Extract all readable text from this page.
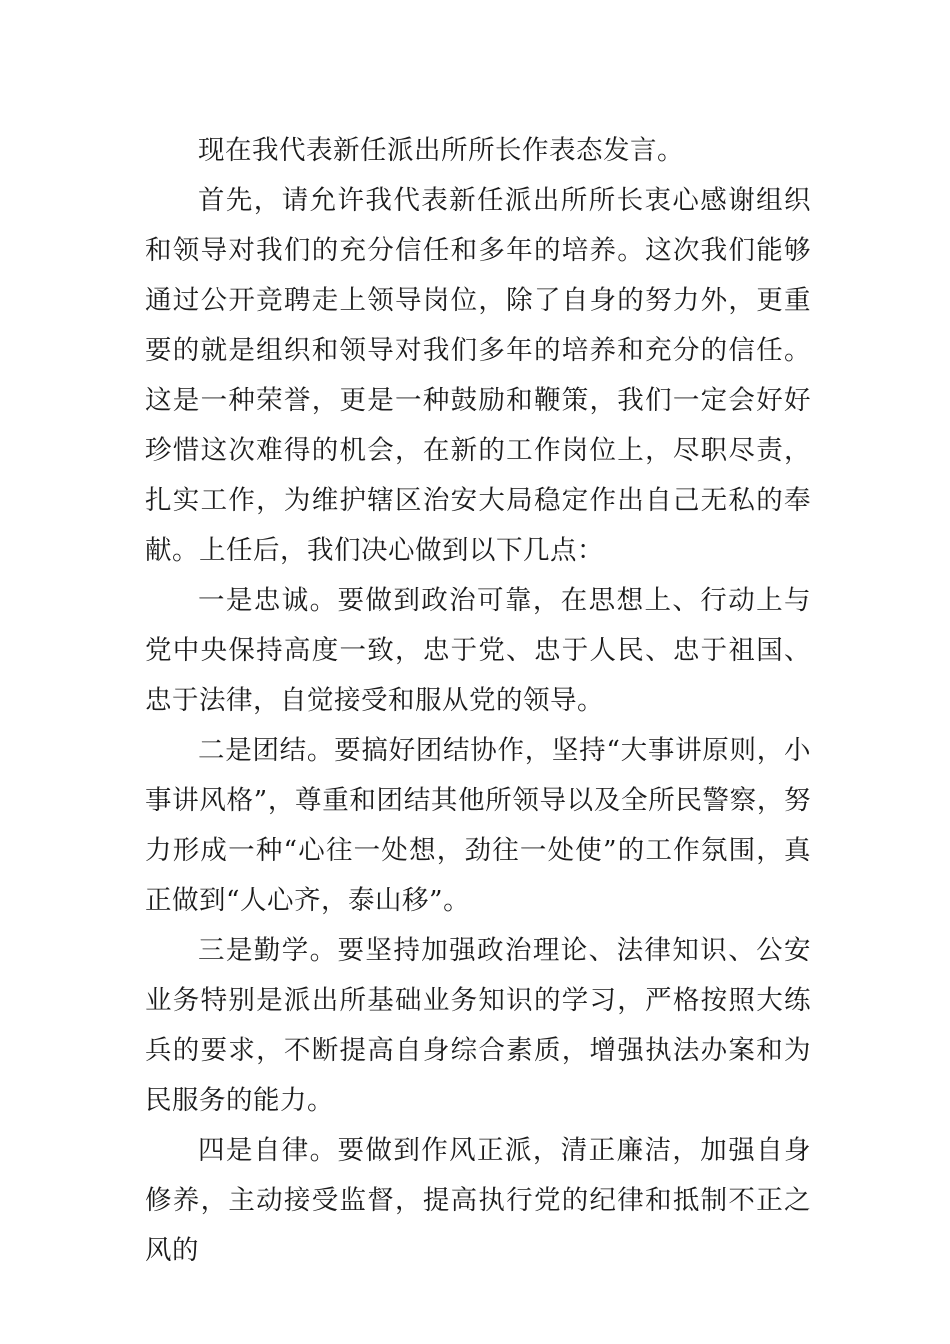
现在我代表新任派出所所长作表态发言。

首先，请允许我代表新任派出所所长衷心感谢组织和领导对我们的充分信任和多年的培养。这次我们能够通过公开竞聘走上领导岗位，除了自身的努力外，更重要的就是组织和领导对我们多年的培养和充分的信任。这是一种荣誉，更是一种鼓励和鞭策，我们一定会好好珍惜这次难得的机会，在新的工作岗位上，尽职尽责，扎实工作，为维护辖区治安大局稳定作出自己无私的奉献。上任后，我们决心做到以下几点：

一是忠诚。要做到政治可靠，在思想上、行动上与党中央保持高度一致，忠于党、忠于人民、忠于祖国、忠于法律，自觉接受和服从党的领导。

二是团结。要搞好团结协作，坚持“大事讲原则，小事讲风格”，尊重和团结其他所领导以及全所民警察，努力形成一种“心往一处想，劲往一处使”的工作氛围，真正做到“人心齐，泰山移”。

三是勤学。要坚持加强政治理论、法律知识、公安业务特别是派出所基础业务知识的学习，严格按照大练兵的要求，不断提高自身综合素质，增强执法办案和为民服务的能力。

四是自律。要做到作风正派，清正廉洁，加强自身修养，主动接受监督，提高执行党的纪律和抵制不正之风的
